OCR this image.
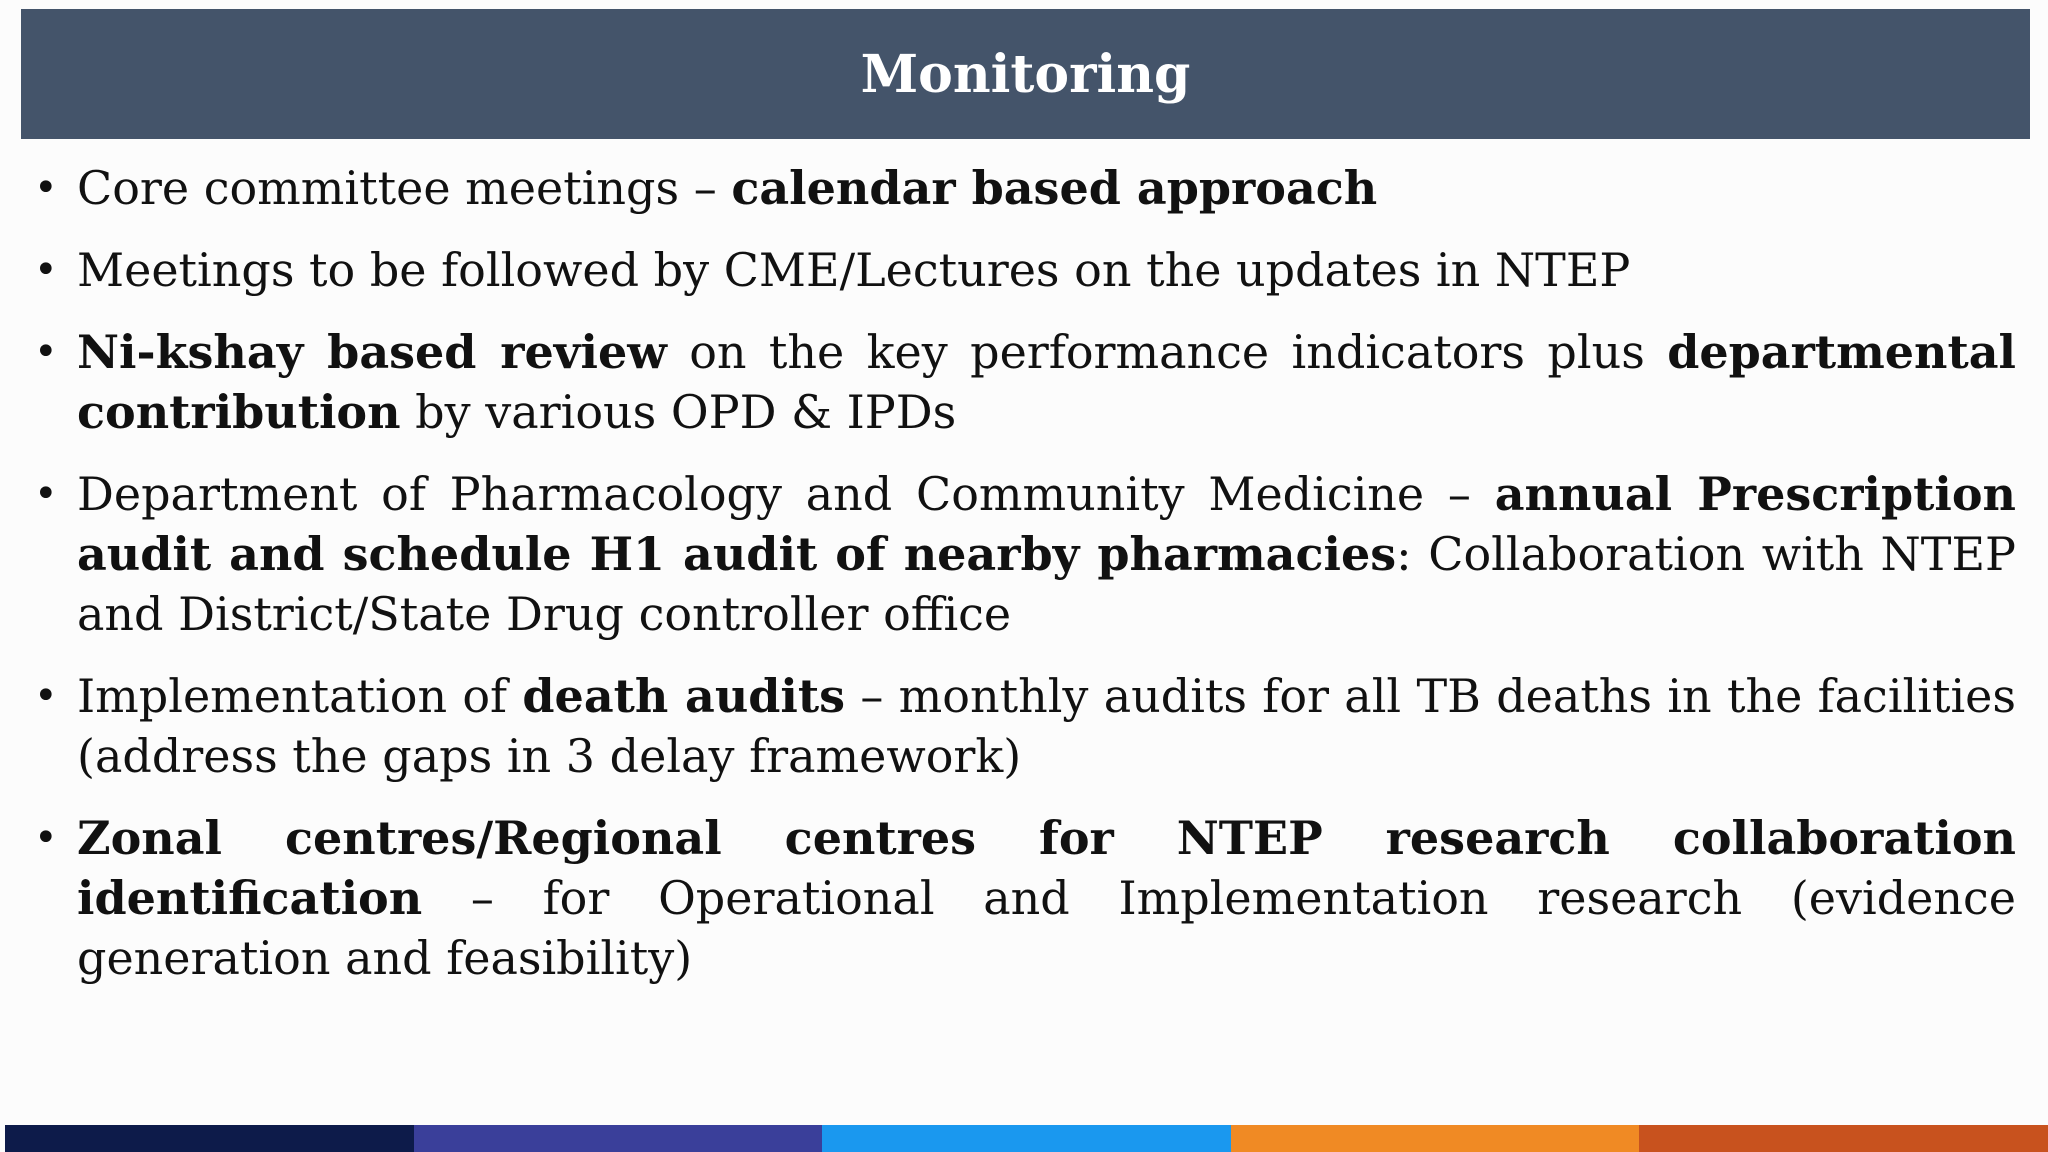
Monitoring
• Core committee meetings – calendar based approach
• Meetings to be followed by CME/Lectures on the updates in NTEP
• Ni-kshay based review on the key performance indicators plus departmental contribution by various OPD & IPDs
• Department of Pharmacology and Community Medicine – annual Prescription audit and schedule H1 audit of nearby pharmacies: Collaboration with NTEP and District/State Drug controller office
• Implementation of death audits – monthly audits for all TB deaths in the facilities (address the gaps in 3 delay framework)
• Zonal centres/Regional centres for NTEP research collaboration identification – for Operational and Implementation research (evidence generation and feasibility)
